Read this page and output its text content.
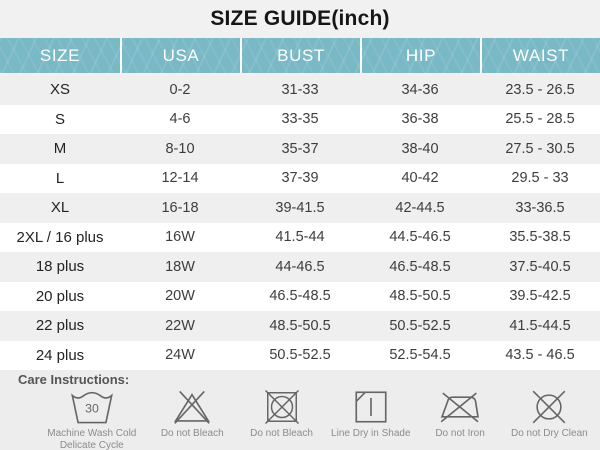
SIZE GUIDE(inch)
SIZE	USA	BUST	HIP	WAIST
XS	0-2	31-33	34-36	23.5 - 26.5
S	4-6	33-35	36-38	25.5 - 28.5
M	8-10	35-37	38-40	27.5 - 30.5
L	12-14	37-39	40-42	29.5 - 33
XL	16-18	39-41.5	42-44.5	33-36.5
2XL / 16 plus	16W	41.5-44	44.5-46.5	35.5-38.5
18 plus	18W	44-46.5	46.5-48.5	37.5-40.5
20 plus	20W	46.5-48.5	48.5-50.5	39.5-42.5
22 plus	22W	48.5-50.5	50.5-52.5	41.5-44.5
24 plus	24W	50.5-52.5	52.5-54.5	43.5 - 46.5
Care Instructions:
30
Machine Wash Cold
Delicate Cycle
Do not Bleach	Do not Bleach Line Dry in Shade Do not Iron	Do not Dry Clean
